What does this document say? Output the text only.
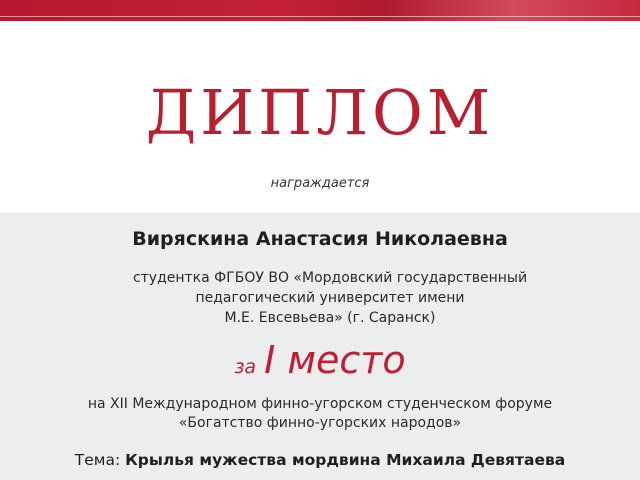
ДИПЛОМ
награждается
Виряскина Анастасия Николаевна
студентка ФГБОУ ВО «Мордовский государственный
педагогический университет имени
М.Е. Евсевьева» (г. Саранск)
за I место
на XII Международном финно-угорском студенческом форуме
«Богатство финно-угорских народов»
Тема: Крылья мужества мордвина Михаила Девятаева
